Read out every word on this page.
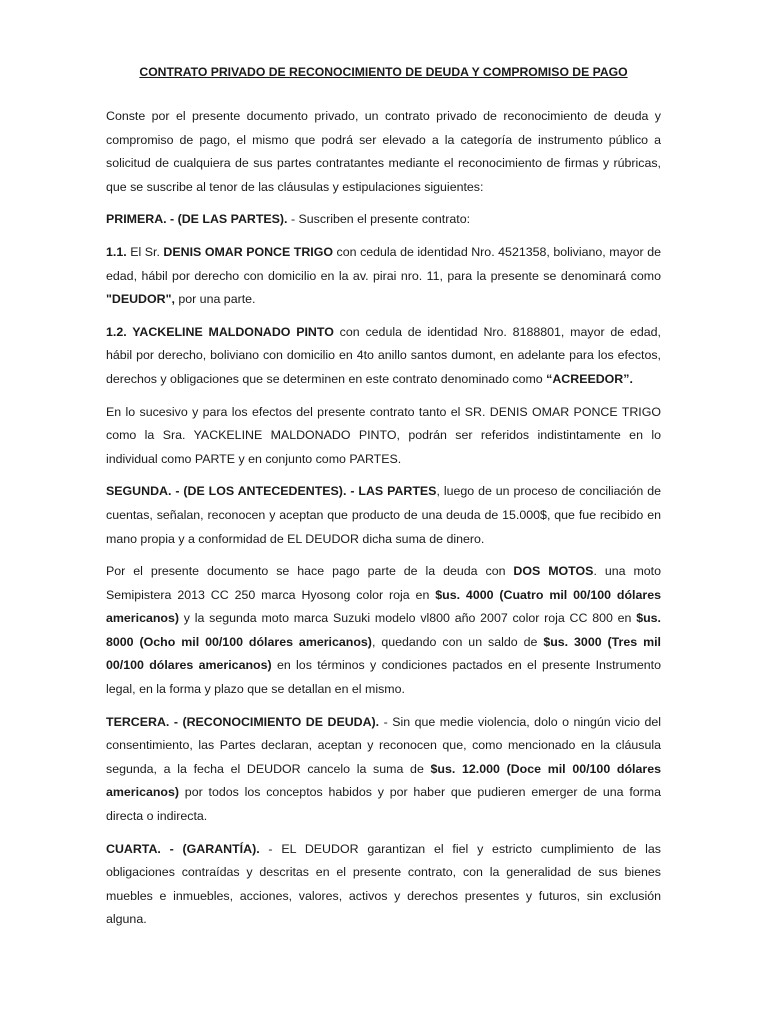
CONTRATO PRIVADO DE RECONOCIMIENTO DE DEUDA Y COMPROMISO DE PAGO
Conste por el presente documento privado, un contrato privado de reconocimiento de deuda y compromiso de pago, el mismo que podrá ser elevado a la categoría de instrumento público a solicitud de cualquiera de sus partes contratantes mediante el reconocimiento de firmas y rúbricas, que se suscribe al tenor de las cláusulas y estipulaciones siguientes:
PRIMERA. - (DE LAS PARTES). - Suscriben el presente contrato:
1.1. El Sr. DENIS OMAR PONCE TRIGO con cedula de identidad Nro. 4521358, boliviano, mayor de edad, hábil por derecho con domicilio en la av. pirai nro. 11, para la presente se denominará como "DEUDOR", por una parte.
1.2. YACKELINE MALDONADO PINTO con cedula de identidad Nro. 8188801, mayor de edad, hábil por derecho, boliviano con domicilio en 4to anillo santos dumont, en adelante para los efectos, derechos y obligaciones que se determinen en este contrato denominado como “ACREEDOR”.
En lo sucesivo y para los efectos del presente contrato tanto el SR. DENIS OMAR PONCE TRIGO como la Sra. YACKELINE MALDONADO PINTO, podrán ser referidos indistintamente en lo individual como PARTE y en conjunto como PARTES.
SEGUNDA. - (DE LOS ANTECEDENTES). - LAS PARTES, luego de un proceso de conciliación de cuentas, señalan, reconocen y aceptan que producto de una deuda de 15.000$, que fue recibido en mano propia y a conformidad de EL DEUDOR dicha suma de dinero.
Por el presente documento se hace pago parte de la deuda con DOS MOTOS. una moto Semipistera 2013 CC 250 marca Hyosong color roja en $us. 4000 (Cuatro mil 00/100 dólares americanos) y la segunda moto marca Suzuki modelo vl800 año 2007 color roja CC 800 en $us. 8000 (Ocho mil 00/100 dólares americanos), quedando con un saldo de $us. 3000 (Tres mil 00/100 dólares americanos) en los términos y condiciones pactados en el presente Instrumento legal, en la forma y plazo que se detallan en el mismo.
TERCERA. - (RECONOCIMIENTO DE DEUDA). - Sin que medie violencia, dolo o ningún vicio del consentimiento, las Partes declaran, aceptan y reconocen que, como mencionado en la cláusula segunda, a la fecha el DEUDOR cancelo la suma de $us. 12.000 (Doce mil 00/100 dólares americanos) por todos los conceptos habidos y por haber que pudieren emerger de una forma directa o indirecta.
CUARTA. - (GARANTÍA). - EL DEUDOR garantizan el fiel y estricto cumplimiento de las obligaciones contraídas y descritas en el presente contrato, con la generalidad de sus bienes muebles e inmuebles, acciones, valores, activos y derechos presentes y futuros, sin exclusión alguna.
